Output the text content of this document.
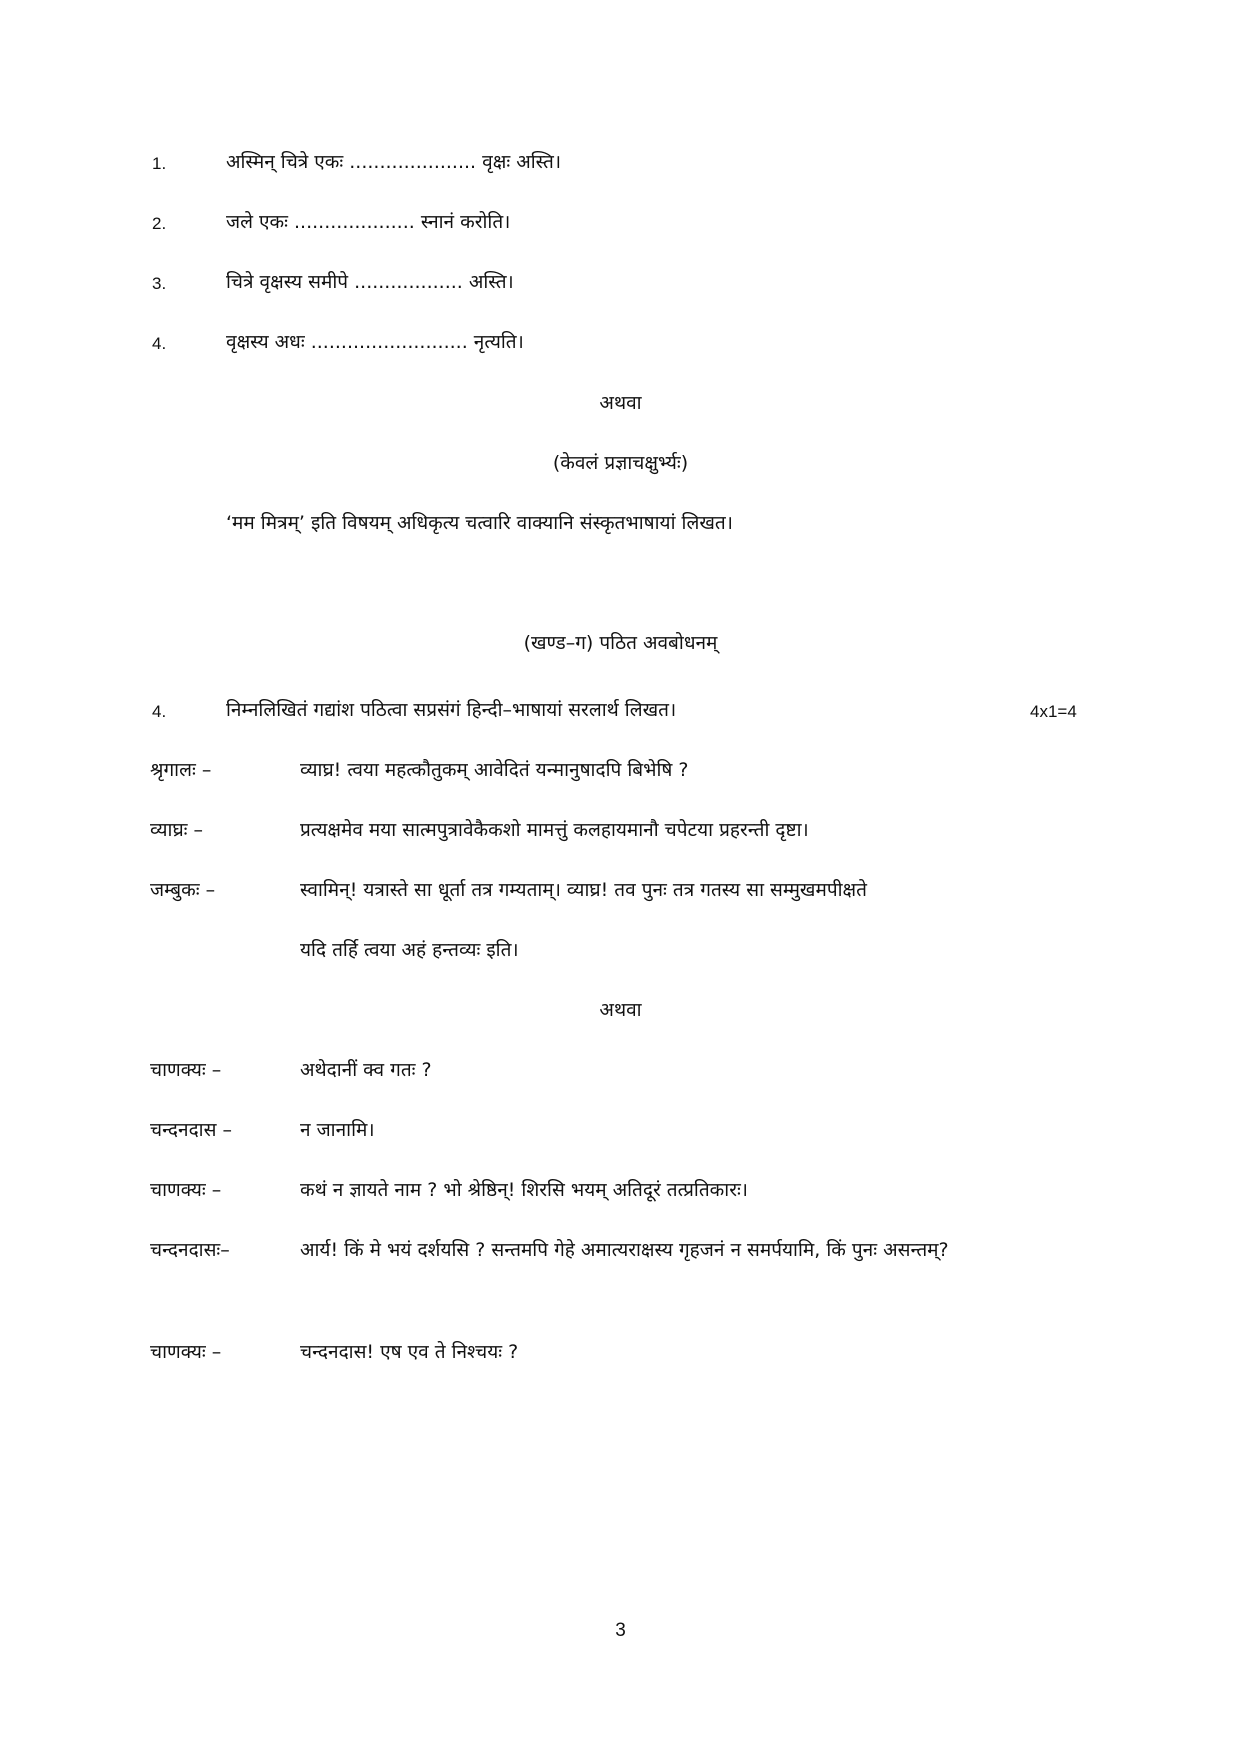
1.	अस्मिन् चित्रे एकः ..................... वृक्षः अस्ति।
2.	जले एकः .................... स्नानं करोति।
3.	चित्रे वृक्षस्य समीपे .................. अस्ति।
4.	वृक्षस्य अधः .......................... नृत्यति।
अथवा
(केवलं प्रज्ञाचक्षुर्भ्यः)
‘मम मित्रम्’ इति विषयम् अधिकृत्य चत्वारि वाक्यानि संस्कृतभाषायां लिखत।
(खण्ड–ग) पठित अवबोधनम्
4.	निम्नलिखितं गद्यांश पठित्वा सप्रसंगं हिन्दी–भाषायां सरलार्थ लिखत।	4x1=4
श्रृगालः –	व्याघ्र! त्वया महत्कौतुकम् आवेदितं यन्मानुषादपि बिभेषि ?
व्याघ्रः –	प्रत्यक्षमेव मया सात्मपुत्रावेकैकशो मामत्तुं कलहायमानौ चपेटया प्रहरन्ती दृष्टा।
जम्बुकः –	स्वामिन्! यत्रास्ते सा धूर्ता तत्र गम्यताम्। व्याघ्र! तव पुनः तत्र गतस्य सा सम्मुखमपीक्षते
यदि तर्हि त्वया अहं हन्तव्यः इति।
अथवा
चाणक्यः –	अथेदानीं क्व गतः ?
चन्दनदास –	न जानामि।
चाणक्यः –	कथं न ज्ञायते नाम ? भो श्रेष्ठिन्! शिरसि भयम् अतिदूरं तत्प्रतिकारः।
चन्दनदासः–	आर्य! किं मे भयं दर्शयसि ? सन्तमपि गेहे अमात्यराक्षस्य गृहजनं न समर्पयामि, किं पुनः असन्तम्?
चाणक्यः –	चन्दनदास! एष एव ते निश्चयः ?
3
